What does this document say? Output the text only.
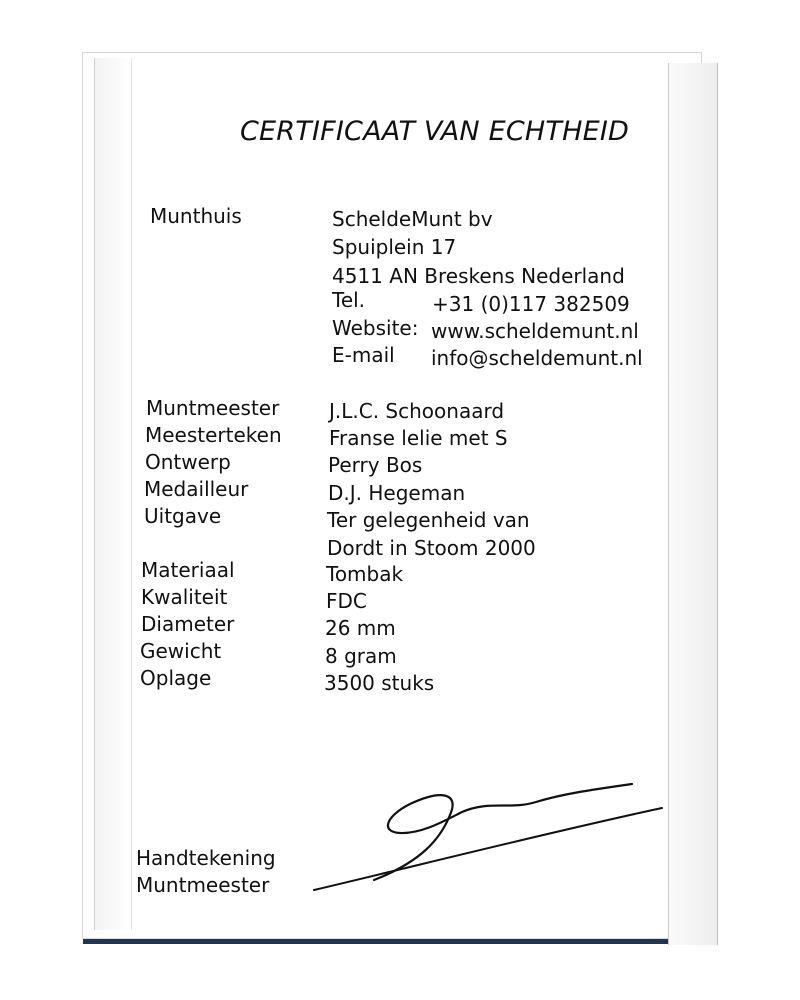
CERTIFICAAT VAN ECHTHEID
Munthuis	ScheldeMunt bv
Spuiplein 17
4511 AN Breskens Nederland
Tel.	+31 (0)117 382509
Website: www.scheldemunt.nl
E-mail info@scheldemunt.nl
Muntmeester J.L.C. Schoonaard
Meesterteken Franse lelie met S
Ontwerp	Perry Bos
Medailleur	D.J. Hegeman
Uitgave	Ter gelegenheid van
Dordt in Stoom 2000
Materiaal	Tombak
Kwaliteit	FDC
Diameter	26 mm
Gewicht	8 gram
Oplage	3500 stuks
Handtekening
Muntmeester
